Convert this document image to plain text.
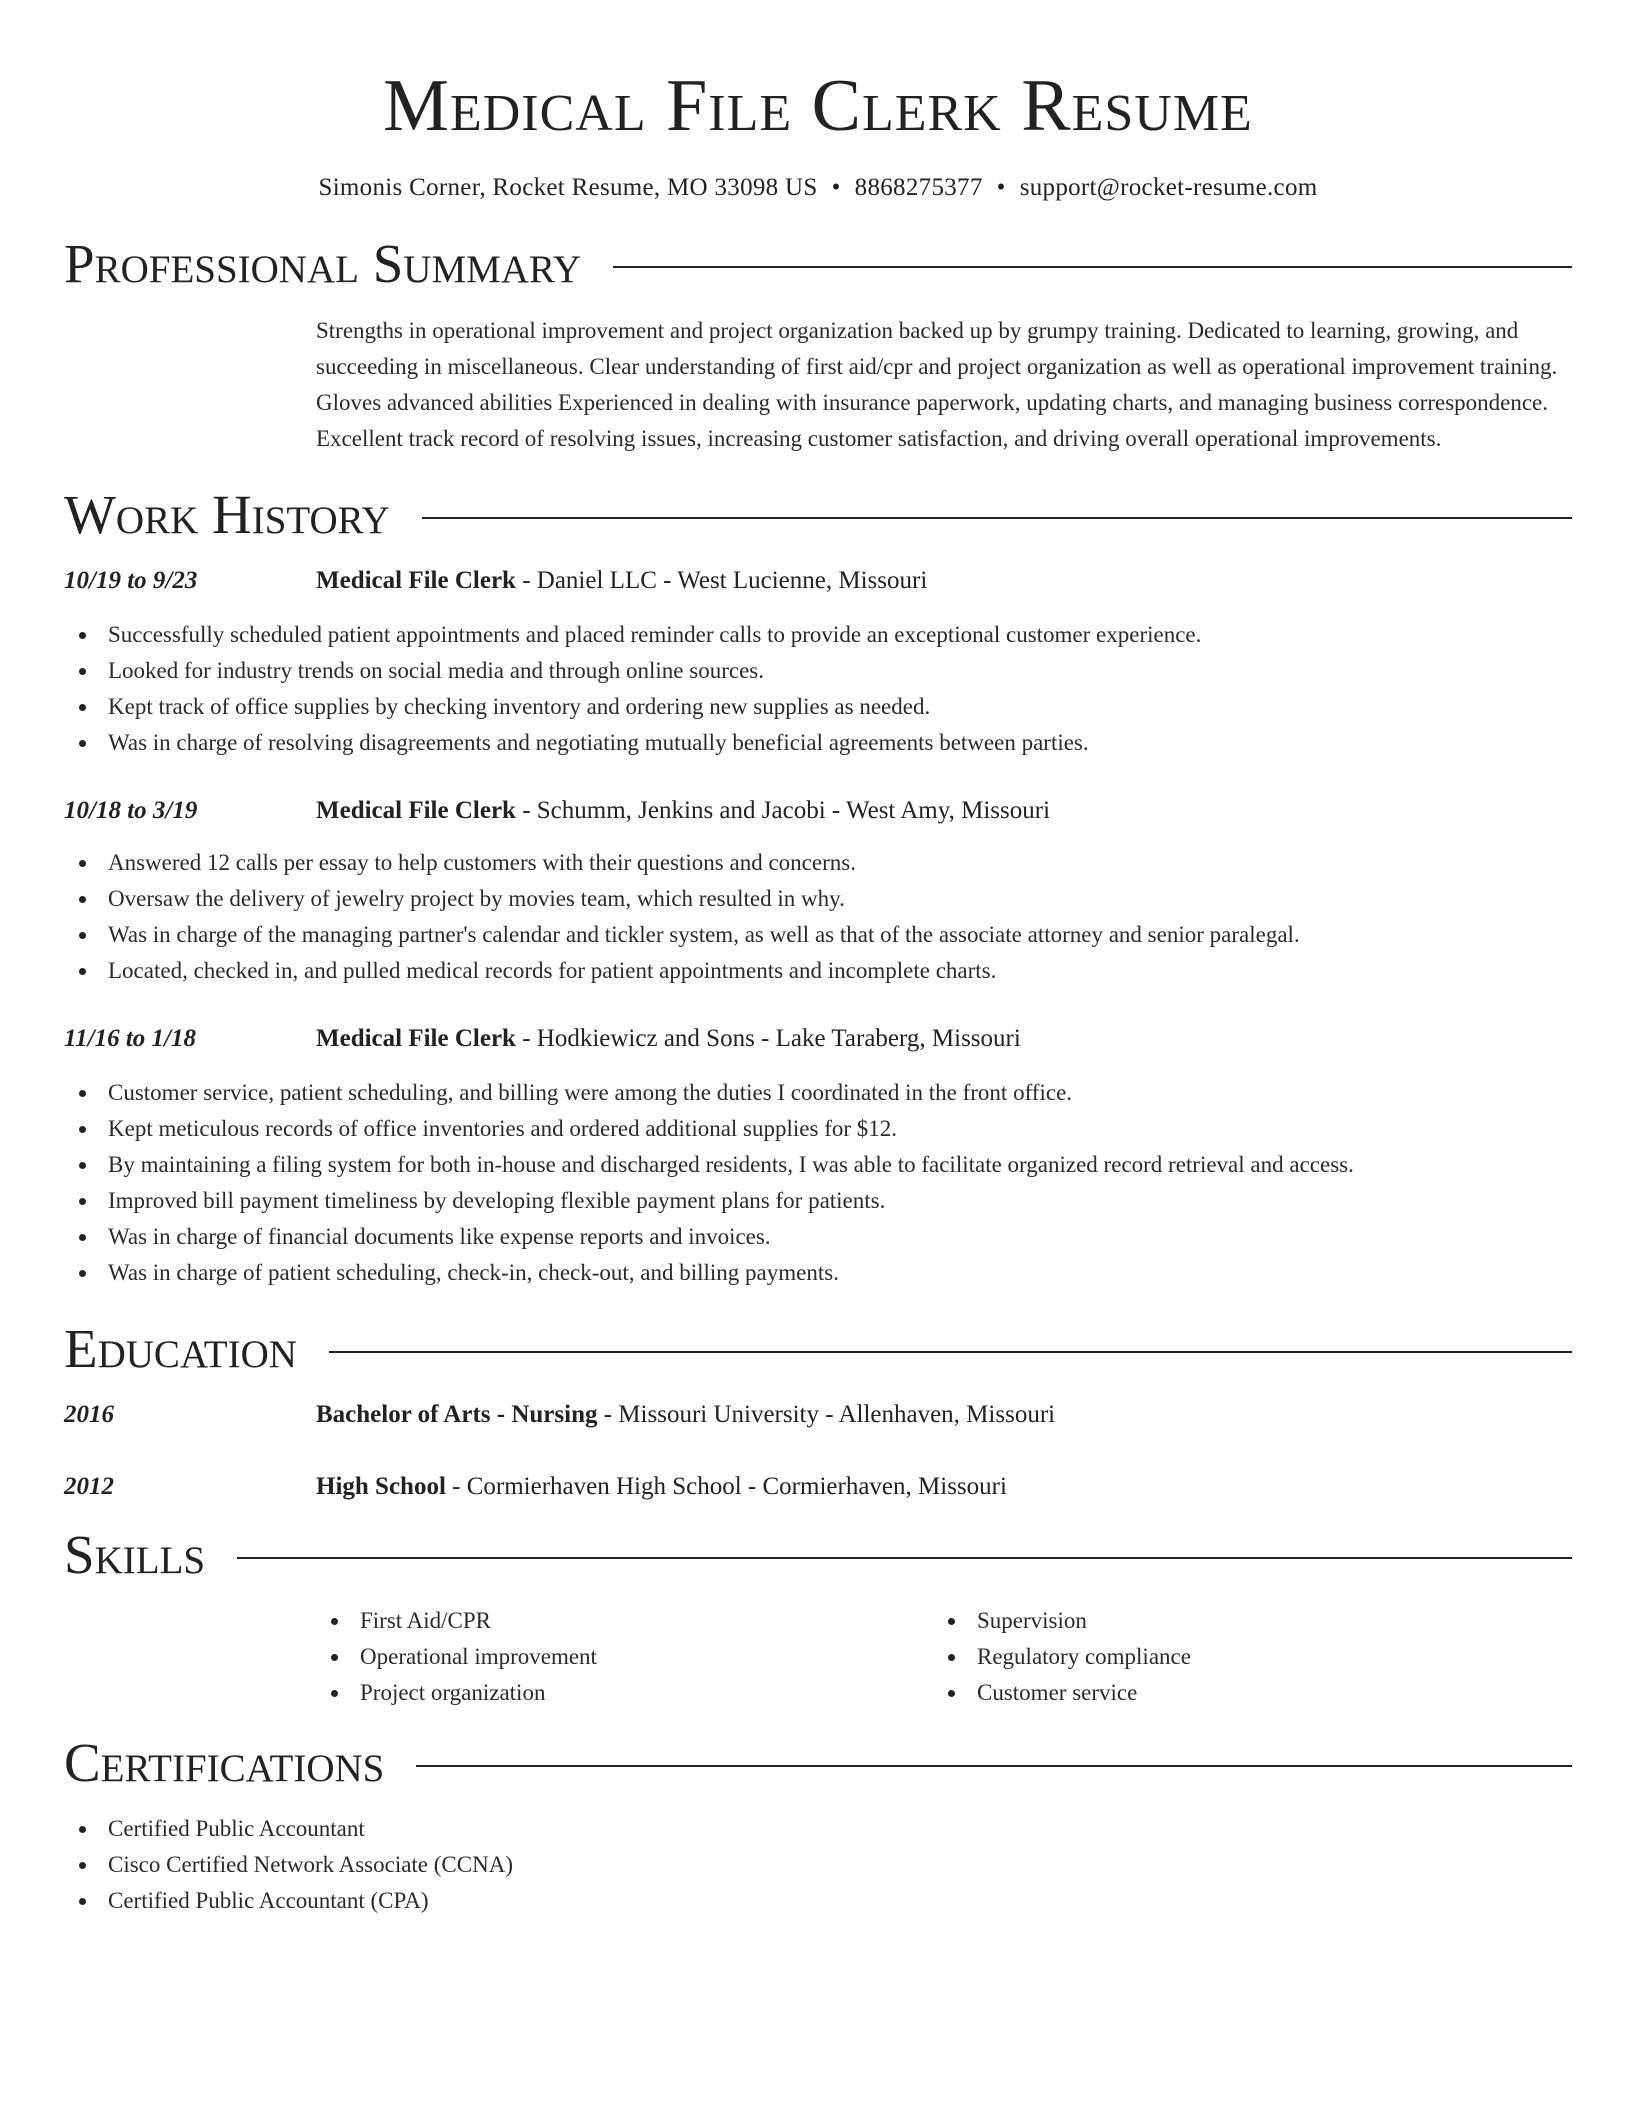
Medical File Clerk Resume
Simonis Corner, Rocket Resume, MO 33098 US • 8868275377 • support@rocket-resume.com
Professional Summary
Strengths in operational improvement and project organization backed up by grumpy training. Dedicated to learning, growing, and succeeding in miscellaneous. Clear understanding of first aid/cpr and project organization as well as operational improvement training. Gloves advanced abilities Experienced in dealing with insurance paperwork, updating charts, and managing business correspondence. Excellent track record of resolving issues, increasing customer satisfaction, and driving overall operational improvements.
Work History
10/19 to 9/23	Medical File Clerk - Daniel LLC - West Lucienne, Missouri
Successfully scheduled patient appointments and placed reminder calls to provide an exceptional customer experience.
Looked for industry trends on social media and through online sources.
Kept track of office supplies by checking inventory and ordering new supplies as needed.
Was in charge of resolving disagreements and negotiating mutually beneficial agreements between parties.
10/18 to 3/19	Medical File Clerk - Schumm, Jenkins and Jacobi - West Amy, Missouri
Answered 12 calls per essay to help customers with their questions and concerns.
Oversaw the delivery of jewelry project by movies team, which resulted in why.
Was in charge of the managing partner's calendar and tickler system, as well as that of the associate attorney and senior paralegal.
Located, checked in, and pulled medical records for patient appointments and incomplete charts.
11/16 to 1/18	Medical File Clerk - Hodkiewicz and Sons - Lake Taraberg, Missouri
Customer service, patient scheduling, and billing were among the duties I coordinated in the front office.
Kept meticulous records of office inventories and ordered additional supplies for $12.
By maintaining a filing system for both in-house and discharged residents, I was able to facilitate organized record retrieval and access.
Improved bill payment timeliness by developing flexible payment plans for patients.
Was in charge of financial documents like expense reports and invoices.
Was in charge of patient scheduling, check-in, check-out, and billing payments.
Education
2016	Bachelor of Arts - Nursing - Missouri University - Allenhaven, Missouri
2012	High School - Cormierhaven High School - Cormierhaven, Missouri
Skills
First Aid/CPR
Operational improvement
Project organization
Supervision
Regulatory compliance
Customer service
Certifications
Certified Public Accountant
Cisco Certified Network Associate (CCNA)
Certified Public Accountant (CPA)
